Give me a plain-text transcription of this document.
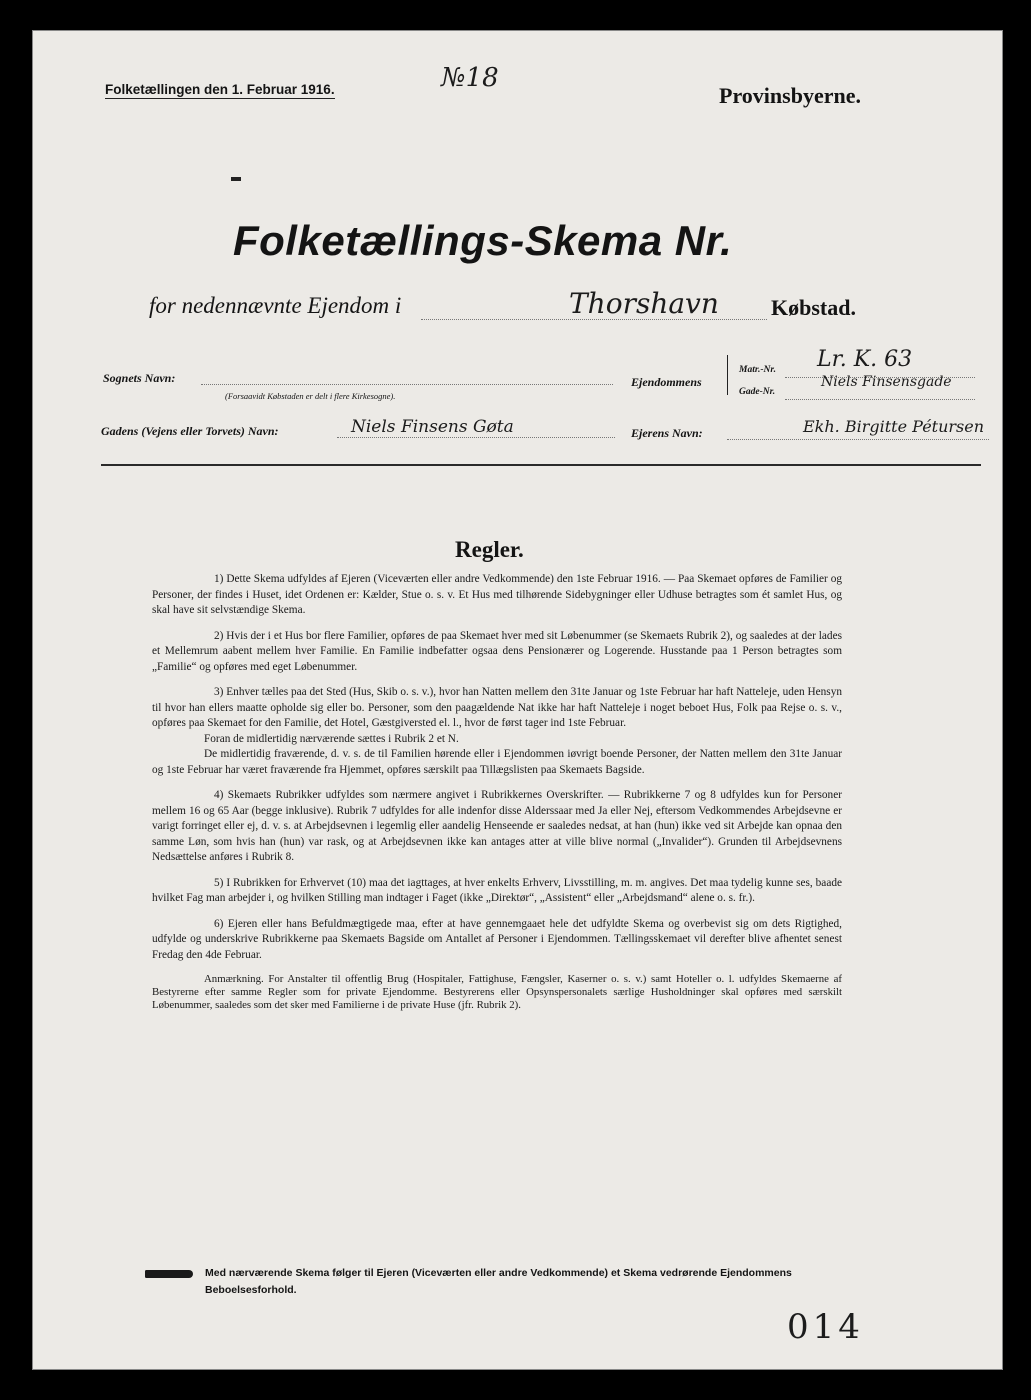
Folketællingen den 1. Februar 1916.	№18
Provinsbyerne.
Folketællings-Skema Nr.
for nedennævnte Ejendom i	Thorshavn Købstad.
Sognets Navn:
(Forsaavidt Købstaden er delt i flere Kirkesogne).
Ejendommens
Matr.-Nr. Lr. K. 63
Gade-Nr.
Niels Finsensgade
Gadens (Vejens eller Torvets) Navn:	Niels Finsens Gøta	Ejerens Navn:	Ekh. Birgitte Pétursen
Regler.
1) Dette Skema udfyldes af Ejeren (Viceværten eller andre Vedkommende) den 1ste Februar 1916. — Paa Skemaet opføres de Familier og Personer, der findes i Huset, idet Ordenen er: Kælder, Stue o. s. v. Et Hus med tilhørende Sidebygninger eller Udhuse betragtes som ét samlet Hus, og skal have sit selvstændige Skema.
2) Hvis der i et Hus bor flere Familier, opføres de paa Skemaet hver med sit Løbenummer (se Skemaets Rubrik 2), og saaledes at der lades et Mellemrum aabent mellem hver Familie. En Familie indbefatter ogsaa dens Pensionærer og Logerende. Husstande paa 1 Person betragtes som „Familie“ og opføres med eget Løbenummer.
3) Enhver tælles paa det Sted (Hus, Skib o. s. v.), hvor han Natten mellem den 31te Januar og 1ste Februar har haft Natteleje, uden Hensyn til hvor han ellers maatte opholde sig eller bo. Personer, som den paagældende Nat ikke har haft Natteleje i noget beboet Hus, Folk paa Rejse o. s. v., opføres paa Skemaet for den Familie, det Hotel, Gæstgiversted el. l., hvor de først tager ind 1ste Februar.
Foran de midlertidig nærværende sættes i Rubrik 2 et N.
De midlertidig fraværende, d. v. s. de til Familien hørende eller i Ejendommen iøvrigt boende Personer, der Natten mellem den 31te Januar og 1ste Februar har været fraværende fra Hjemmet, opføres særskilt paa Tillægslisten paa Skemaets Bagside.
4) Skemaets Rubrikker udfyldes som nærmere angivet i Rubrikkernes Overskrifter. — Rubrikkerne 7 og 8 udfyldes kun for Personer mellem 16 og 65 Aar (begge inklusive). Rubrik 7 udfyldes for alle indenfor disse Alderssaar med Ja eller Nej, eftersom Vedkommendes Arbejdsevne er varigt forringet eller ej, d. v. s. at Arbejdsevnen i legemlig eller aandelig Henseende er saaledes nedsat, at han (hun) ikke ved sit Arbejde kan opnaa den samme Løn, som hvis han (hun) var rask, og at Arbejdsevnen ikke kan antages atter at ville blive normal („Invalider“). Grunden til Arbejdsevnens Nedsættelse anføres i Rubrik 8.
5) I Rubrikken for Erhvervet (10) maa det iagttages, at hver enkelts Erhverv, Livsstilling, m. m. angives. Det maa tydelig kunne ses, baade hvilket Fag man arbejder i, og hvilken Stilling man indtager i Faget (ikke „Direktør“, „Assistent“ eller „Arbejdsmand“ alene o. s. fr.).
6) Ejeren eller hans Befuldmægtigede maa, efter at have gennemgaaet hele det udfyldte Skema og overbevist sig om dets Rigtighed, udfylde og underskrive Rubrikkerne paa Skemaets Bagside om Antallet af Personer i Ejendommen. Tællingsskemaet vil derefter blive afhentet senest Fredag den 4de Februar.
Anmærkning. For Anstalter til offentlig Brug (Hospitaler, Fattighuse, Fængsler, Kaserner o. s. v.) samt Hoteller o. l. udfyldes Skemaerne af Bestyrerne efter samme Regler som for private Ejendomme. Bestyrerens eller Opsynspersonalets særlige Husholdninger skal opføres med særskilt Løbenummer, saaledes som det sker med Familierne i de private Huse (jfr. Rubrik 2).
Med nærværende Skema følger til Ejeren (Viceværten eller andre Vedkommende) et Skema vedrørende Ejendommens Beboelsesforhold.
014
